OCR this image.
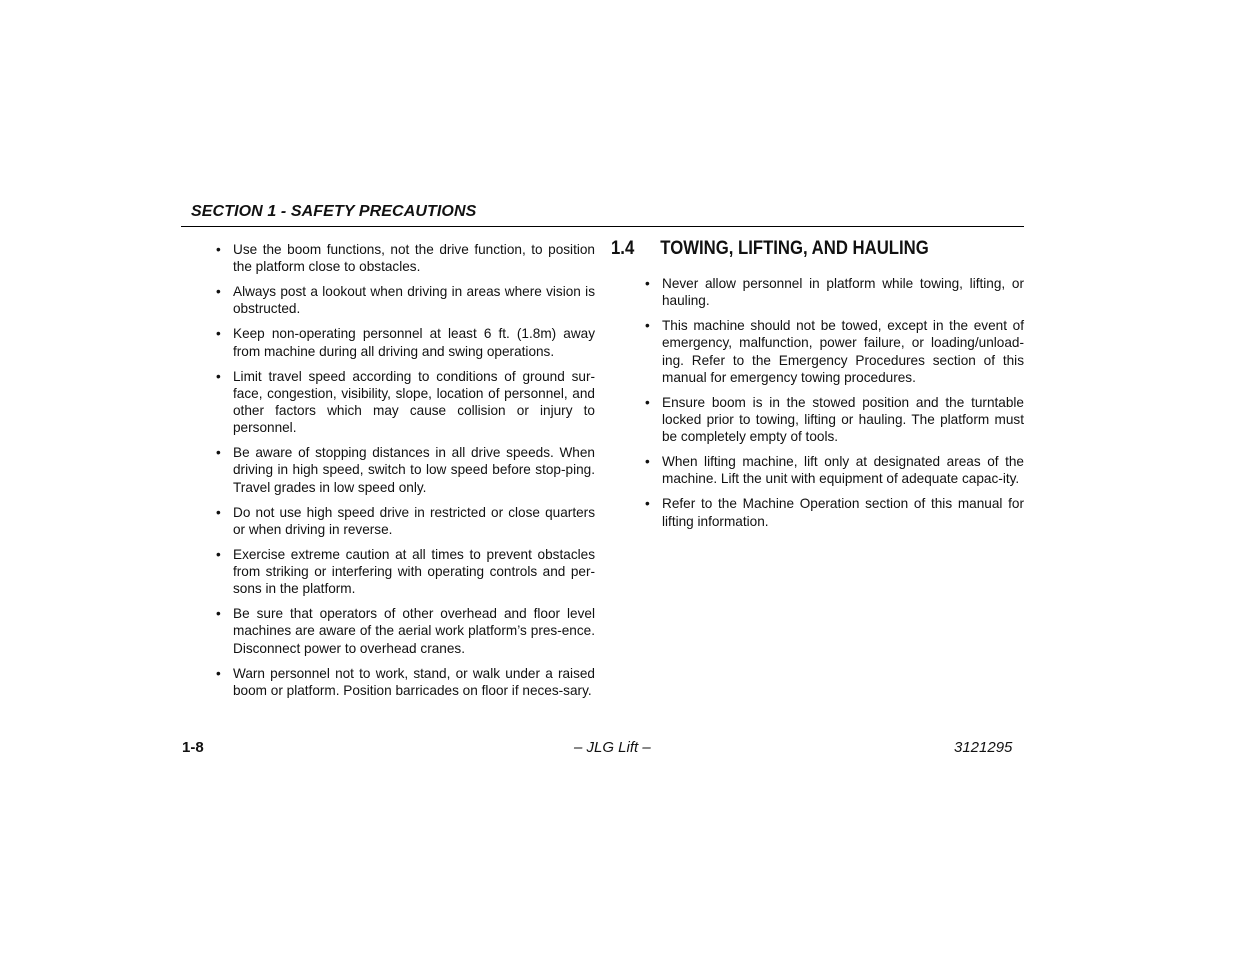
SECTION 1 - SAFETY PRECAUTIONS
• Use the boom functions, not the drive function, to position the platform close to obstacles.
• Always post a lookout when driving in areas where vision is obstructed.
• Keep non-operating personnel at least 6 ft. (1.8m) away from machine during all driving and swing operations.
• Limit travel speed according to conditions of ground sur-face, congestion, visibility, slope, location of personnel, and other factors which may cause collision or injury to personnel.
• Be aware of stopping distances in all drive speeds. When driving in high speed, switch to low speed before stop-ping. Travel grades in low speed only.
• Do not use high speed drive in restricted or close quarters or when driving in reverse.
• Exercise extreme caution at all times to prevent obstacles from striking or interfering with operating controls and per-sons in the platform.
• Be sure that operators of other overhead and floor level machines are aware of the aerial work platform’s pres-ence. Disconnect power to overhead cranes.
• Warn personnel not to work, stand, or walk under a raised boom or platform. Position barricades on floor if neces-sary.
1.4 TOWING, LIFTING, AND HAULING
• Never allow personnel in platform while towing, lifting, or hauling.
• This machine should not be towed, except in the event of emergency, malfunction, power failure, or loading/unload-ing. Refer to the Emergency Procedures section of this manual for emergency towing procedures.
• Ensure boom is in the stowed position and the turntable locked prior to towing, lifting or hauling. The platform must be completely empty of tools.
• When lifting machine, lift only at designated areas of the machine. Lift the unit with equipment of adequate capac-ity.
• Refer to the Machine Operation section of this manual for lifting information.
1-8	– JLG Lift –	3121295
